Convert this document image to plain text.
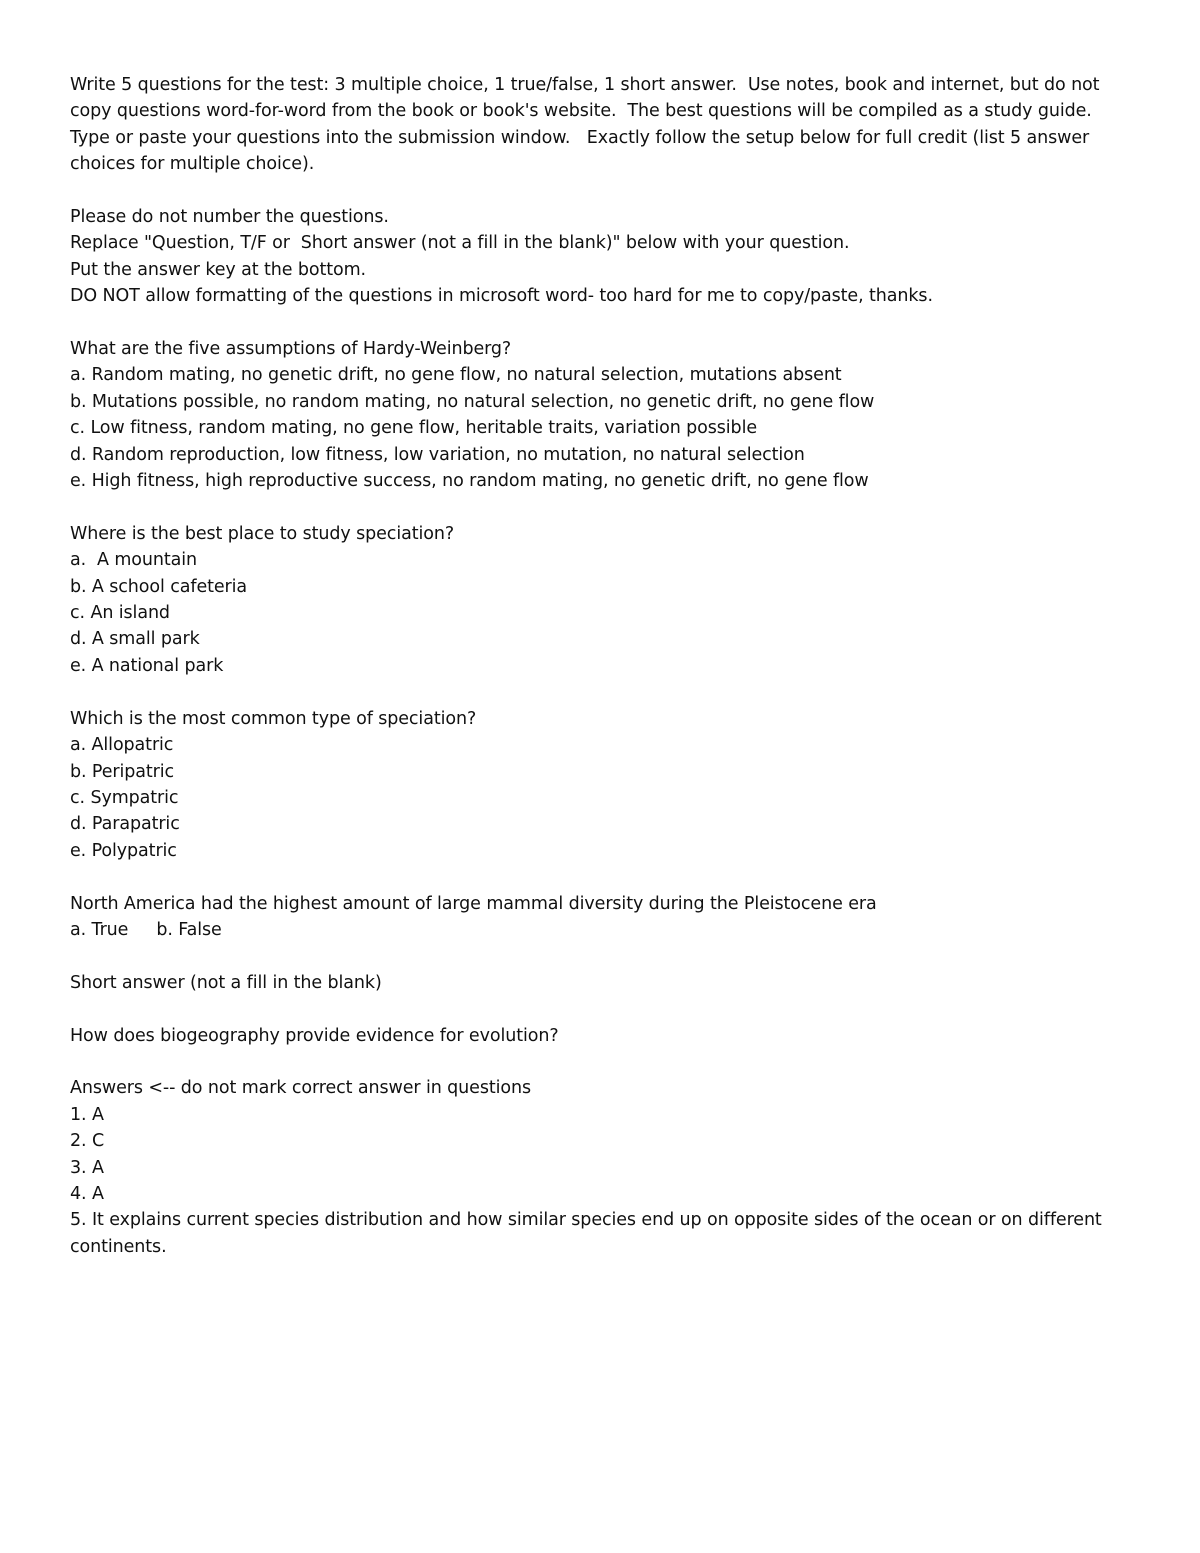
Write 5 questions for the test: 3 multiple choice, 1 true/false, 1 short answer.  Use notes, book and internet, but do not copy questions word-for-word from the book or book's website.  The best questions will be compiled as a study guide.  Type or paste your questions into the submission window.   Exactly follow the setup below for full credit (list 5 answer choices for multiple choice).
Please do not number the questions.
Replace "Question, T/F or  Short answer (not a fill in the blank)" below with your question.
Put the answer key at the bottom.
DO NOT allow formatting of the questions in microsoft word- too hard for me to copy/paste, thanks.
What are the five assumptions of Hardy-Weinberg?
a. Random mating, no genetic drift, no gene flow, no natural selection, mutations absent
b. Mutations possible, no random mating, no natural selection, no genetic drift, no gene flow
c. Low fitness, random mating, no gene flow, heritable traits, variation possible
d. Random reproduction, low fitness, low variation, no mutation, no natural selection
e. High fitness, high reproductive success, no random mating, no genetic drift, no gene flow
Where is the best place to study speciation?
a.  A mountain
b. A school cafeteria
c. An island
d. A small park
e. A national park
Which is the most common type of speciation?
a. Allopatric
b. Peripatric
c. Sympatric
d. Parapatric
e. Polypatric
North America had the highest amount of large mammal diversity during the Pleistocene era
a. True b. False
Short answer (not a fill in the blank)
How does biogeography provide evidence for evolution?
Answers <-- do not mark correct answer in questions
1. A
2. C
3. A
4. A
5. It explains current species distribution and how similar species end up on opposite sides of the ocean or on different continents.
